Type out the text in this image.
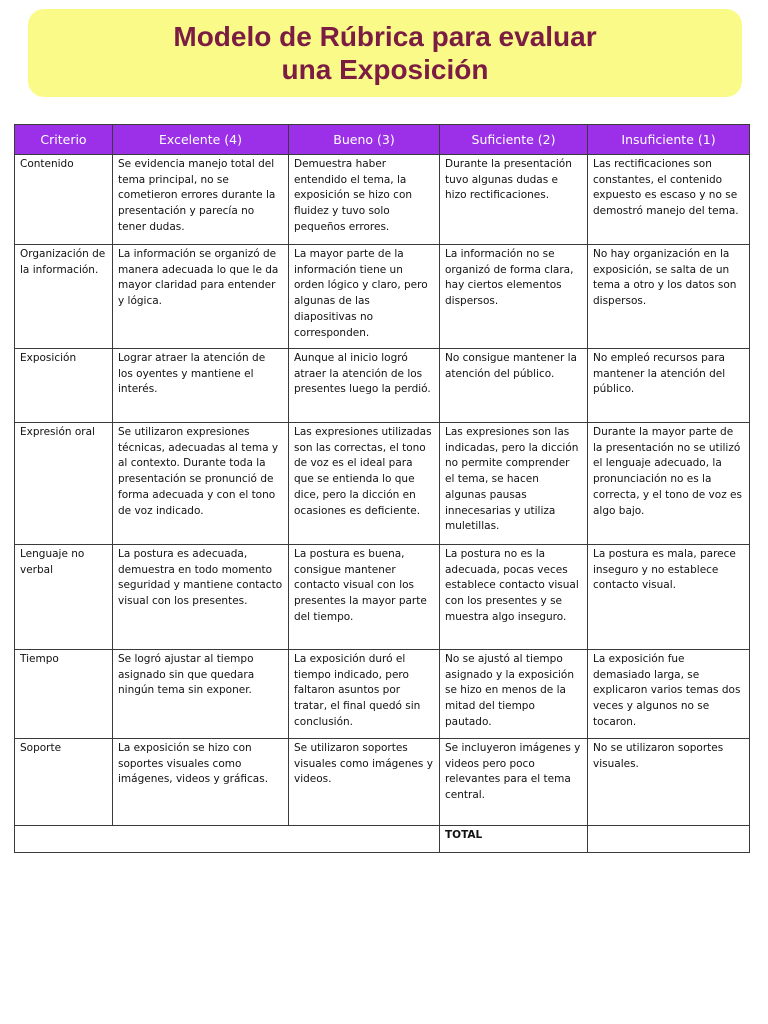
Modelo de Rúbrica para evaluar
una Exposición
Criterio	Excelente (4)	Bueno (3)	Suficiente (2)	Insuficiente (1)
Contenido	Se evidencia manejo total del tema principal, no se cometieron errores durante la presentación y parecía no tener dudas.	Demuestra haber entendido el tema, la exposición se hizo con fluidez y tuvo solo pequeños errores.	Durante la presentación tuvo algunas dudas e hizo rectificaciones.	Las rectificaciones son constantes, el contenido expuesto es escaso y no se demostró manejo del tema.
Organización de la información.	La información se organizó de manera adecuada lo que le da mayor claridad para entender y lógica.	La mayor parte de la información tiene un orden lógico y claro, pero algunas de las diapositivas no corresponden.	La información no se organizó de forma clara, hay ciertos elementos dispersos.	No hay organización en la exposición, se salta de un tema a otro y los datos son dispersos.
Exposición	Lograr atraer la atención de los oyentes y mantiene el interés.	Aunque al inicio logró atraer la atención de los presentes luego la perdió.	No consigue mantener la atención del público.	No empleó recursos para mantener la atención del público.
Expresión oral	Se utilizaron expresiones técnicas, adecuadas al tema y al contexto. Durante toda la presentación se pronunció de forma adecuada y con el tono de voz indicado.	Las expresiones utilizadas son las correctas, el tono de voz es el ideal para que se entienda lo que dice, pero la dicción en ocasiones es deficiente.	Las expresiones son las indicadas, pero la dicción no permite comprender el tema, se hacen algunas pausas innecesarias y utiliza muletillas.	Durante la mayor parte de la presentación no se utilizó el lenguaje adecuado, la pronunciación no es la correcta, y el tono de voz es algo bajo.
Lenguaje no verbal	La postura es adecuada, demuestra en todo momento seguridad y mantiene contacto visual con los presentes.	La postura es buena, consigue mantener contacto visual con los presentes la mayor parte del tiempo.	La postura no es la adecuada, pocas veces establece contacto visual con los presentes y se muestra algo inseguro.	La postura es mala, parece inseguro y no establece contacto visual.
Tiempo	Se logró ajustar al tiempo asignado sin que quedara ningún tema sin exponer.	La exposición duró el tiempo indicado, pero faltaron asuntos por tratar, el final quedó sin conclusión.	No se ajustó al tiempo asignado y la exposición se hizo en menos de la mitad del tiempo pautado.	La exposición fue demasiado larga, se explicaron varios temas dos veces y algunos no se tocaron.
Soporte	La exposición se hizo con soportes visuales como imágenes, videos y gráficas.	Se utilizaron soportes visuales como imágenes y videos.	Se incluyeron imágenes y videos pero poco relevantes para el tema central.	No se utilizaron soportes visuales.
			TOTAL	
